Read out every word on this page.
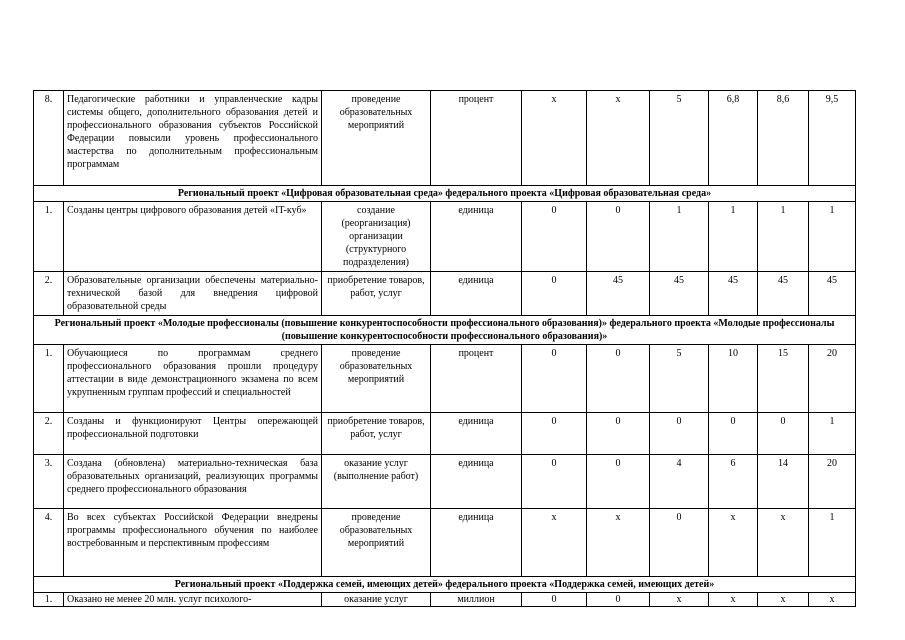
8.	Педагогические работники и управленческие кадры системы общего, дополнительного образования детей и профессионального образования субъектов Российской Федерации повысили уровень профессионального мастерства по дополнительным профессиональным программам	проведение образовательных мероприятий	процент	х	х	5	6,8	8,6	9,5
Региональный проект «Цифровая образовательная среда» федерального проекта «Цифровая образовательная среда»									
1.	Созданы центры цифрового образования детей «IT-куб»	создание (реорганизация) организации (структурного подразделения)	единица	0	0	1	1	1	1
2.	Образовательные организации обеспечены материально-технической базой для внедрения цифровой образовательной среды	приобретение товаров, работ, услуг	единица	0	45	45	45	45	45
Региональный проект «Молодые профессионалы (повышение конкурентоспособности профессионального образования)» федерального проекта «Молодые профессионалы (повышение конкурентоспособности профессионального образования)»									
1.	Обучающиеся по программам среднего профессионального образования прошли процедуру аттестации в виде демонстрационного экзамена по всем укрупненным группам профессий и специальностей	проведение образовательных мероприятий	процент	0	0	5	10	15	20
2.	Созданы и функционируют Центры опережающей профессиональной подготовки	приобретение товаров, работ, услуг	единица	0	0	0	0	0	1
3.	Создана (обновлена) материально-техническая база образовательных организаций, реализующих программы среднего профессионального образования	оказание услуг (выполнение работ)	единица	0	0	4	6	14	20
4.	Во всех субъектах Российской Федерации внедрены программы профессионального обучения по наиболее востребованным и перспективным профессиям	проведение образовательных мероприятий	единица	х	х	0	х	х	1
Региональный проект «Поддержка семей, имеющих детей» федерального проекта «Поддержка семей, имеющих детей»									
1.	Оказано не менее 20 млн. услуг психолого-	оказание услуг	миллион	0	0	х	х	х	х
